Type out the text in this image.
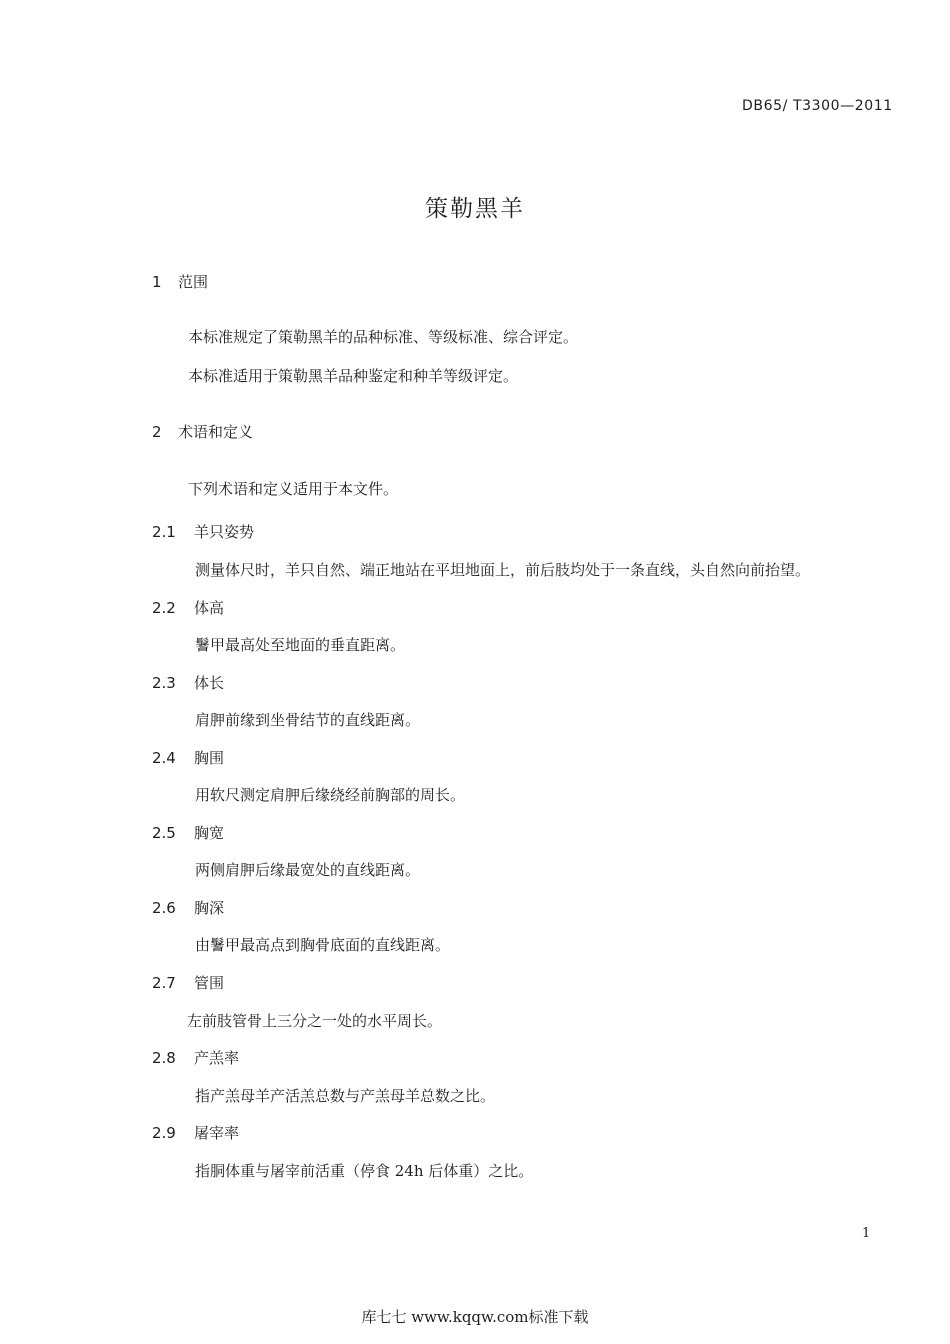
DB65/ T3300—2011
策勒黑羊
1 范围
本标准规定了策勒黑羊的品种标准、等级标准、综合评定。
本标准适用于策勒黑羊品种鉴定和种羊等级评定。
2 术语和定义
下列术语和定义适用于本文件。
2.1 羊只姿势
测量体尺时，羊只自然、端正地站在平坦地面上，前后肢均处于一条直线，头自然向前抬望。
2.2 体高
鬐甲最高处至地面的垂直距离。
2.3 体长
肩胛前缘到坐骨结节的直线距离。
2.4 胸围
用软尺测定肩胛后缘绕经前胸部的周长。
2.5 胸宽
两侧肩胛后缘最宽处的直线距离。
2.6 胸深
由鬐甲最高点到胸骨底面的直线距离。
2.7 管围
左前肢管骨上三分之一处的水平周长。
2.8 产羔率
指产羔母羊产活羔总数与产羔母羊总数之比。
2.9 屠宰率
指胴体重与屠宰前活重（停食 24h 后体重）之比。
1
库七七 www.kqqw.com标准下载
